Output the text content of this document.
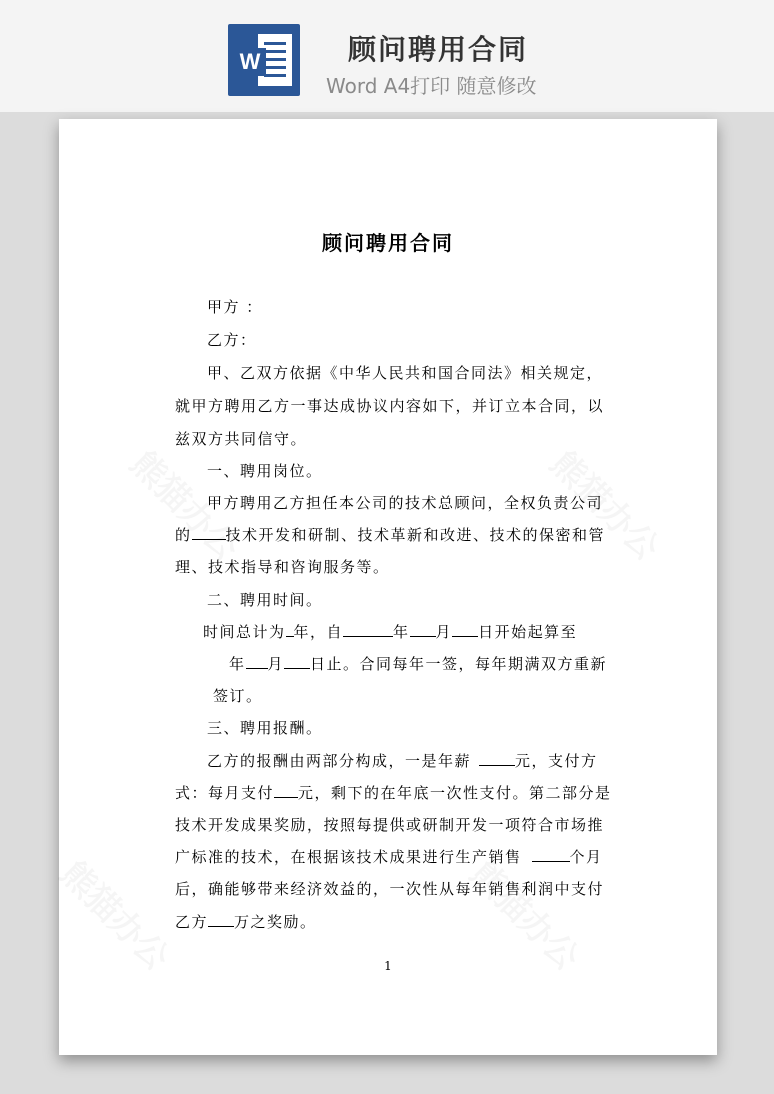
W	顾问聘用合同
Word A4打印 随意修改
顾问聘用合同
甲方 ：
乙方：
甲、乙双方依据《中华人民共和国合同法》相关规定，
就甲方聘用乙方一事达成协议内容如下，并订立本合同，以
兹双方共同信守。
一、聘用岗位。
甲方聘用乙方担任本公司的技术总顾问，全权负责公司
的 技术开发和研制、技术革新和改进、技术的保密和管
理、技术指导和咨询服务等。
二、聘用时间。
时间总计为 年，自	年 月 日开始起算至
年 月 日止。合同每年一签，每年期满双方重新
签订。
三、聘用报酬。
乙方的报酬由两部分构成，一是年薪	元，支付方
式：每月支付 元，剩下的在年底一次性支付。第二部分是
技术开发成果奖励，按照每提供或研制开发一项符合市场推
广标准的技术，在根据该技术成果进行生产销售	个月
后，确能够带来经济效益的，一次性从每年销售利润中支付
乙方 万之奖励。
1
